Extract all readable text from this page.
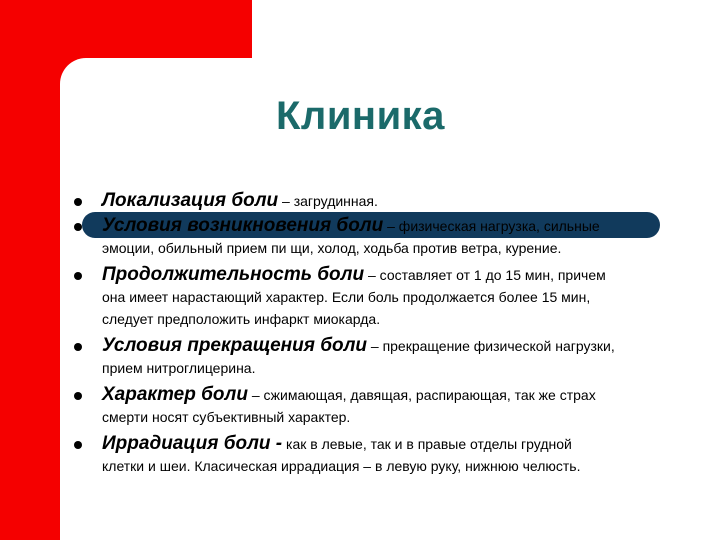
Клиника
Локализация боли – загрудинная.
Условия возникновения боли – физическая нагрузка, сильные
эмоции, обильный прием пи щи, холод, ходьба против ветра, курение.
Продолжительность боли – составляет от 1 до 15 мин, причем
она имеет нарастающий характер. Если боль продолжается более 15 мин,
следует предположить инфаркт миокарда.
Условия прекращения боли – прекращение физической нагрузки,
прием нитроглицерина.
Характер боли – сжимающая, давящая, распирающая, так же страх
смерти носят субъективный характер.
Иррадиация боли - как в левые, так и в правые отделы грудной
клетки и шеи. Класическая иррадиация – в левую руку, нижнюю челюсть.
